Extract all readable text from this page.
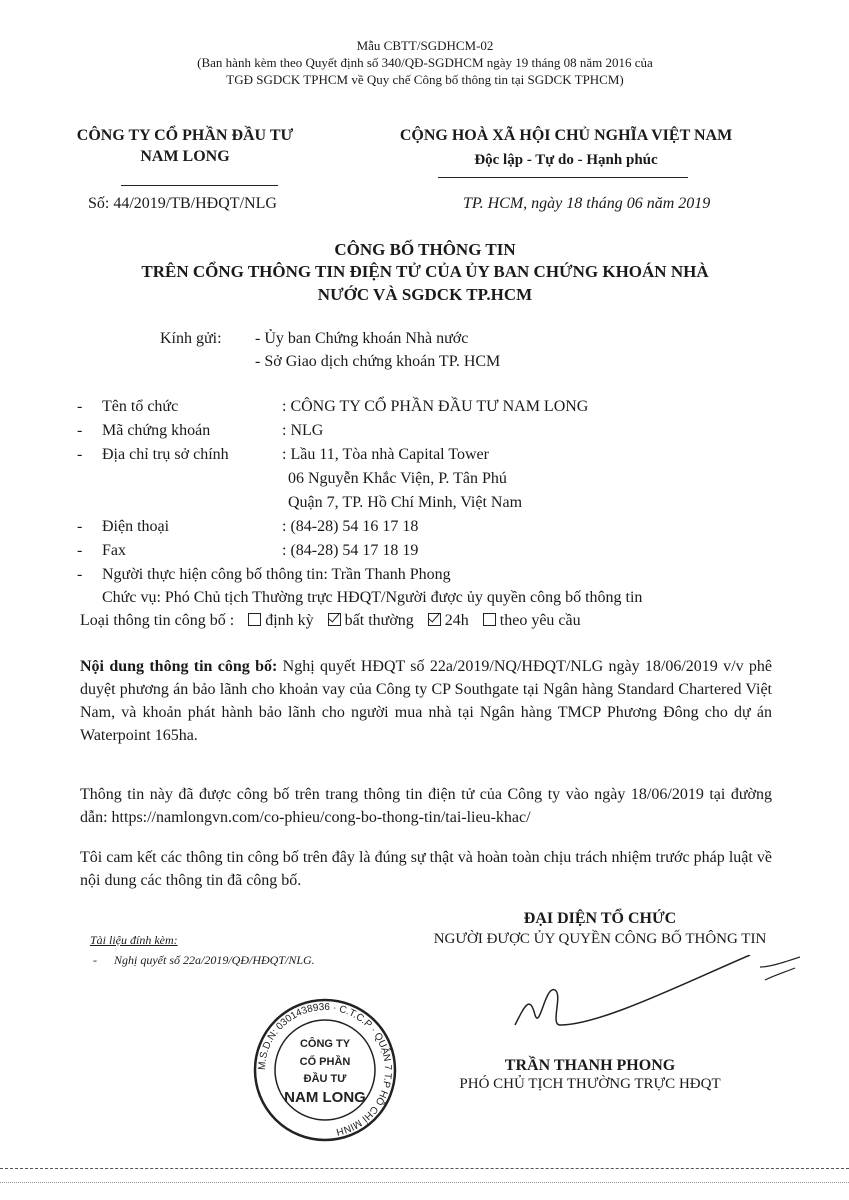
Mẫu CBTT/SGDHCM-02
(Ban hành kèm theo Quyết định số 340/QĐ-SGDHCM ngày 19 tháng 08 năm 2016 của
TGĐ SGDCK TPHCM về Quy chế Công bố thông tin tại SGDCK TPHCM)
CÔNG TY CỔ PHẦN ĐẦU TƯ
NAM LONG
CỘNG HOÀ XÃ HỘI CHỦ NGHĨA VIỆT NAM
Độc lập - Tự do - Hạnh phúc
Số: 44/2019/TB/HĐQT/NLG	TP. HCM, ngày 18 tháng 06 năm 2019
CÔNG BỐ THÔNG TIN
TRÊN CỔNG THÔNG TIN ĐIỆN TỬ CỦA ỦY BAN CHỨNG KHOÁN NHÀ
NƯỚC VÀ SGDCK TP.HCM
Kính gửi: - Ủy ban Chứng khoán Nhà nước
- Sở Giao dịch chứng khoán TP. HCM
- Tên tổ chức	: CÔNG TY CỔ PHẦN ĐẦU TƯ NAM LONG
- Mã chứng khoán	: NLG
- Địa chỉ trụ sở chính	: Lầu 11, Tòa nhà Capital Tower
06 Nguyễn Khắc Viện, P. Tân Phú
Quận 7, TP. Hồ Chí Minh, Việt Nam
- Điện thoại	: (84-28) 54 16 17 18
- Fax	: (84-28) 54 17 18 19
- Người thực hiện công bố thông tin: Trần Thanh Phong
Chức vụ: Phó Chủ tịch Thường trực HĐQT/Người được ủy quyền công bố thông tin
Loại thông tin công bố : định kỳ bất thường 24h theo yêu cầu
Nội dung thông tin công bố: Nghị quyết HĐQT số 22a/2019/NQ/HĐQT/NLG ngày 18/06/2019 v/v phê duyệt phương án bảo lãnh cho khoản vay của Công ty CP Southgate tại Ngân hàng Standard Chartered Việt Nam, và khoản phát hành bảo lãnh cho người mua nhà tại Ngân hàng TMCP Phương Đông cho dự án Waterpoint 165ha.
Thông tin này đã được công bố trên trang thông tin điện tử của Công ty vào ngày 18/06/2019 tại đường dẫn: https://namlongvn.com/co-phieu/cong-bo-thong-tin/tai-lieu-khac/
Tôi cam kết các thông tin công bố trên đây là đúng sự thật và hoàn toàn chịu trách nhiệm trước pháp luật về nội dung các thông tin đã công bố.
Tài liệu đính kèm:
- Nghị quyết số 22a/2019/QĐ/HĐQT/NLG.
M.S.D.N: 0301438936 · C.T.C.P · QUẬN 7 T.P HỒ CHÍ MINH
CÔNG TY
CỔ PHẦN
ĐẦU TƯ
NAM LONG
ĐẠI DIỆN TỔ CHỨC
NGƯỜI ĐƯỢC ỦY QUYỀN CÔNG BỐ THÔNG TIN
TRẦN THANH PHONG
PHÓ CHỦ TỊCH THƯỜNG TRỰC HĐQT
